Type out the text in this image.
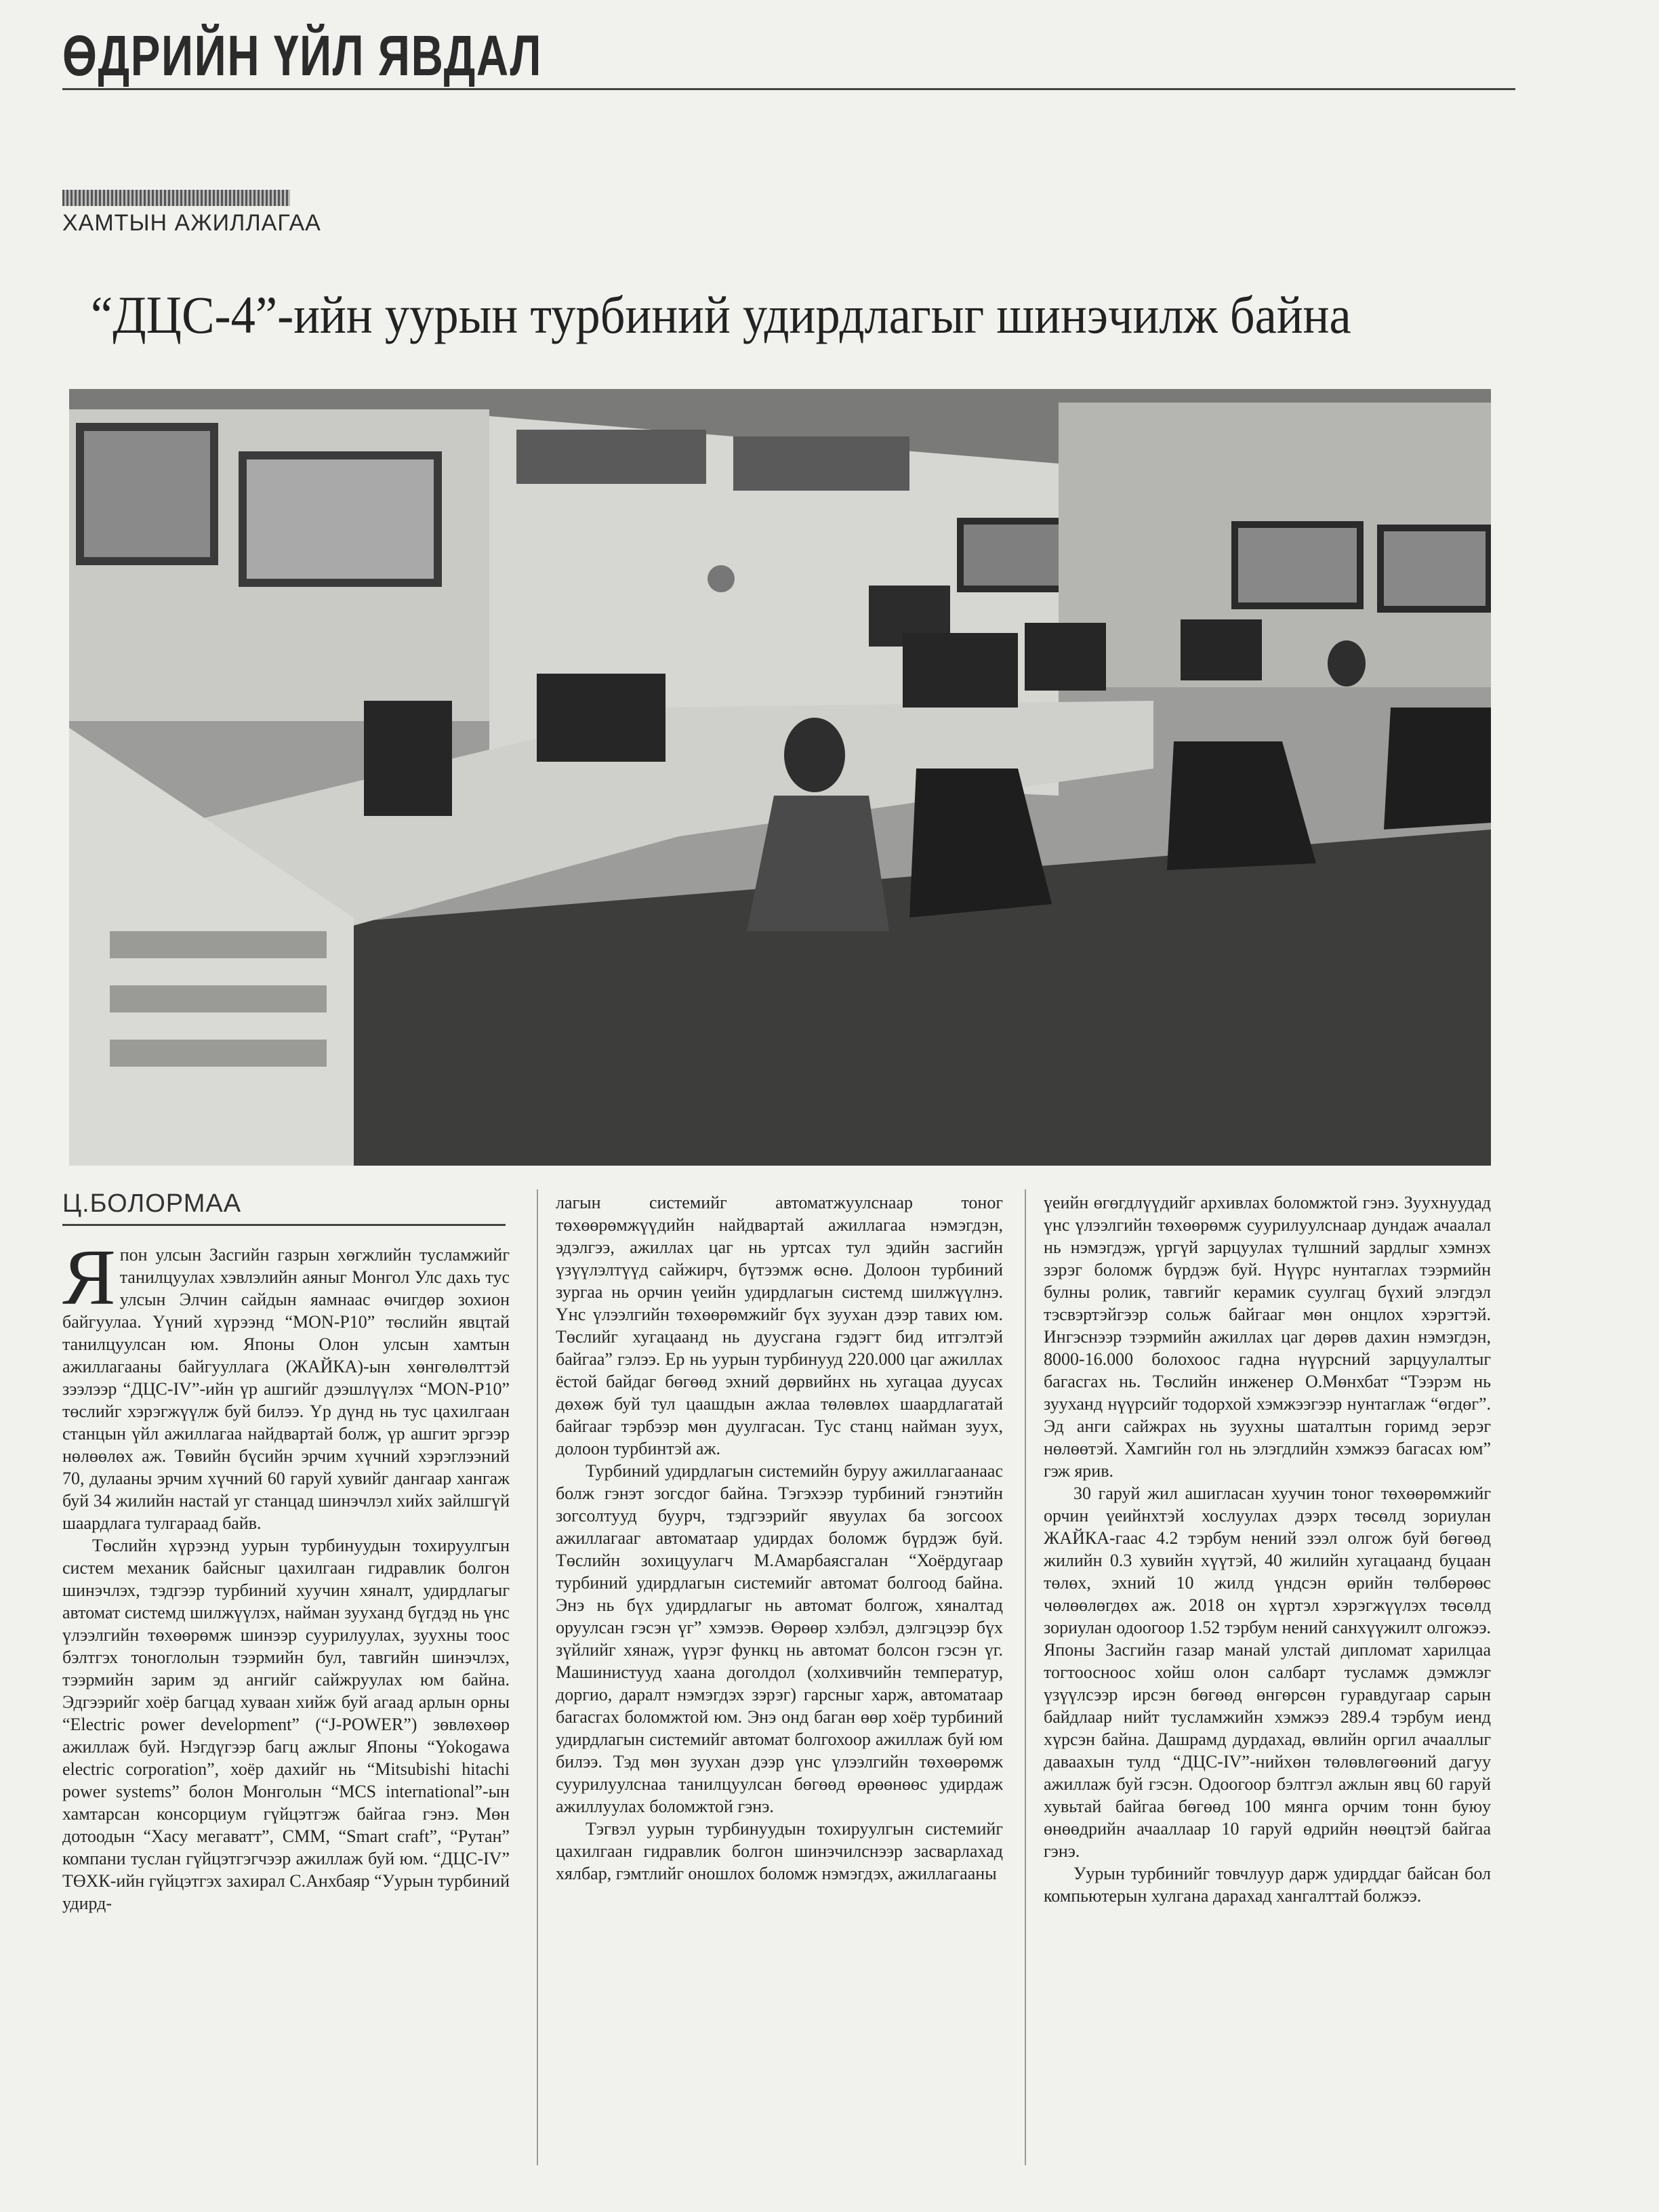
ӨДРИЙН ҮЙЛ ЯВДАЛ
ХАМТЫН АЖИЛЛАГАА
“ДЦС-4”-ийн уурын турбиний удирдлагыг шинэчилж байна
Ц.БОЛОРМАА

Япон улсын Засгийн газрын хөгжлийн тусламжийг танилцуулах хэвлэлийн аяныг Монгол Улс дахь тус улсын Элчин сайдын яамнаас өчигдөр зохион байгуулаа. Үүний хүрээнд “MON-P10” төслийн явцтай танилцуулсан юм. Японы Олон улсын хамтын ажиллагааны байгууллага (ЖАЙКА)-ын хөнгөлөлттэй зээлээр “ДЦС-IV”-ийн үр ашгийг дээшлүүлэх “MON-P10” төслийг хэрэгжүүлж буй билээ. Үр дүнд нь тус цахилгаан станцын үйл ажиллагаа найдвартай болж, үр ашгит эргээр нөлөөлөх аж. Төвийн бүсийн эрчим хүчний хэрэглээний 70, дулааны эрчим хүчний 60 гаруй хувийг дангаар хангаж буй 34 жилийн настай уг станцад шинэчлэл хийх зайлшгүй шаардлага тулгараад байв.

Төслийн хүрээнд уурын турбинуудын тохируулгын систем механик байсныг цахилгаан гидравлик болгон шинэчлэх, тэдгээр турбиний хуучин хяналт, удирдлагыг автомат системд шилжүүлэх, найман зууханд бүгдэд нь үнс үлээлгийн төхөөрөмж шинээр суурилуулах, зуухны тоос бэлтгэх тоноглолын тээрмийн бул, тавгийн шинэчлэх, тээрмийн зарим эд ангийг сайжруулах юм байна. Эдгээрийг хоёр багцад хуваан хийж буй агаад арлын орны “Electric power development” (“J-POWER”) зөвлөхөөр ажиллаж буй. Нэгдүгээр багц ажлыг Японы “Yokogawa electric corporation”, хоёр дахийг нь “Mitsubishi hitachi power systems” болон Монголын “MCS international”-ын хамтарсан консорциум гүйцэтгэж байгаа гэнэ. Мөн дотоодын “Хасу мегаватт”, СММ, “Smart craft”, “Рутан” компани туслан гүйцэтгэгчээр ажиллаж буй юм. “ДЦС-IV” ТӨХК-ийн гүйцэтгэх захирал С.Анхбаяр “Уурын турбиний удирд-

лагын системийг автоматжуулснаар тоног төхөөрөмжүүдийн найдвартай ажиллагаа нэмэгдэн, эдэлгээ, ажиллах цаг нь уртсах тул эдийн засгийн үзүүлэлтүүд сайжирч, бүтээмж өснө. Долоон турбиний зургаа нь орчин үеийн удирдлагын системд шилжүүлнэ. Үнс үлээлгийн төхөөрөмжийг бүх зуухан дээр тавих юм. Төслийг хугацаанд нь дуусгана гэдэгт бид итгэлтэй байгаа” гэлээ. Ер нь уурын турбинууд 220.000 цаг ажиллах ёстой байдаг бөгөөд эхний дөрвийнх нь хугацаа дуусах дөхөж буй тул цаашдын ажлаа төлөвлөх шаардлагатай байгааг тэрбээр мөн дуулгасан. Тус станц найман зуух, долоон турбинтэй аж.

Турбиний удирдлагын системийн буруу ажиллагаанаас болж гэнэт зогсдог байна. Тэгэхээр турбиний гэнэтийн зогсолтууд буурч, тэдгээрийг явуулах ба зогсоох ажиллагааг автоматаар удирдах боломж бүрдэж буй. Төслийн зохицуулагч М.Амарбаясгалан “Хоёрдугаар турбиний удирдлагын системийг автомат болгоод байна. Энэ нь бүх удирдлагыг нь автомат болгож, хяналтад оруулсан гэсэн үг” хэмээв. Өөрөөр хэлбэл, дэлгэцээр бүх зүйлийг хянаж, үүрэг функц нь автомат болсон гэсэн үг. Машинистууд хаана доголдол (холхивчийн температур, доргио, даралт нэмэгдэх зэрэг) гарсныг харж, автоматаар багасгах боломжтой юм. Энэ онд баган өөр хоёр турбиний удирдлагын системийг автомат болгохоор ажиллаж буй юм билээ. Тэд мөн зуухан дээр үнс үлээлгийн төхөөрөмж суурилуулснаа танилцуулсан бөгөөд өрөөнөөс удирдаж ажиллуулах боломжтой гэнэ.

Тэгвэл уурын турбинуудын тохируулгын системийг цахилгаан гидравлик болгон шинэчилснээр засварлахад хялбар, гэмтлийг оношлох боломж нэмэгдэх, ажиллагааны

үеийн өгөгдлүүдийг архивлах боломжтой гэнэ. Зуухнуудад үнс үлээлгийн төхөөрөмж суурилуулснаар дундаж ачаалал нь нэмэгдэж, үргүй зарцуулах түлшний зардлыг хэмнэх зэрэг боломж бүрдэж буй. Нүүрс нунтаглах тээрмийн булны ролик, тавгийг керамик суулгац бүхий элэгдэл тэсвэртэйгээр сольж байгааг мөн онцлох хэрэгтэй. Ингэснээр тээрмийн ажиллах цаг дөрөв дахин нэмэгдэн, 8000-16.000 болохоос гадна нүүрсний зарцуулалтыг багасгах нь. Төслийн инженер О.Мөнхбат “Тээрэм нь зууханд нүүрсийг тодорхой хэмжээгээр нунтаглаж “өгдөг”. Эд анги сайжрах нь зуухны шаталтын горимд эерэг нөлөөтэй. Хамгийн гол нь элэгдлийн хэмжээ багасах юм” гэж ярив.

30 гаруй жил ашигласан хуучин тоног төхөөрөмжийг орчин үеийнхтэй хослуулах дээрх төсөлд зориулан ЖАЙКА-гаас 4.2 тэрбум нений зээл олгож буй бөгөөд жилийн 0.3 хувийн хүүтэй, 40 жилийн хугацаанд буцаан төлөх, эхний 10 жилд үндсэн өрийн төлбөрөөс чөлөөлөгдөх аж. 2018 он хүртэл хэрэгжүүлэх төсөлд зориулан одоогоор 1.52 тэрбум нений санхүүжилт олгожээ. Японы Засгийн газар манай улстай дипломат харилцаа тогтоосноос хойш олон салбарт тусламж дэмжлэг үзүүлсээр ирсэн бөгөөд өнгөрсөн гуравдугаар сарын байдлаар нийт тусламжийн хэмжээ 289.4 тэрбум иенд хүрсэн байна. Дашрамд дурдахад, өвлийн оргил ачааллыг даваахын тулд “ДЦС-IV”-нийхөн төлөвлөгөөний дагуу ажиллаж буй гэсэн. Одоогоор бэлтгэл ажлын явц 60 гаруй хувьтай байгаа бөгөөд 100 мянга орчим тонн буюу өнөөдрийн ачааллаар 10 гаруй өдрийн нөөцтэй байгаа гэнэ.

Уурын турбинийг товчлуур дарж удирддаг байсан бол компьютерын хулгана дарахад хангалттай болжээ.
